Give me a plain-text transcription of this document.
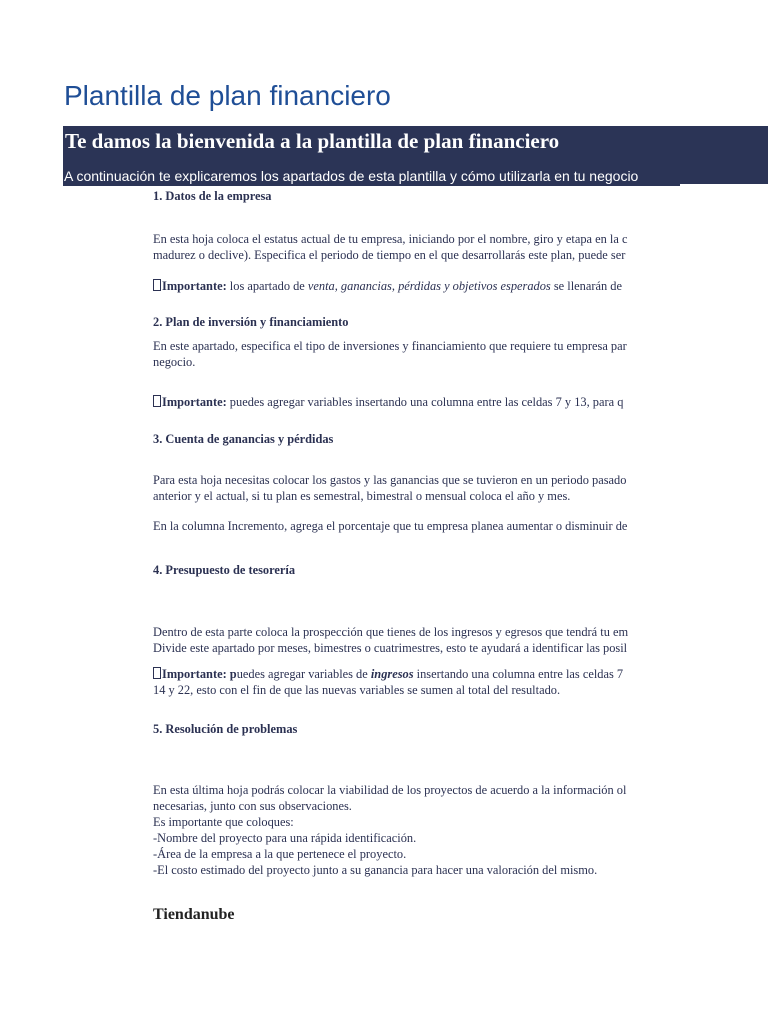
Plantilla de plan financiero
Te damos la bienvenida a la plantilla de plan financiero
A continuación te explicaremos los apartados de esta plantilla y cómo utilizarla en tu negocio

1. Datos de la empresa

En esta hoja coloca el estatus actual de tu empresa, iniciando por el nombre, giro y etapa en la c

madurez o declive). Especifica el periodo de tiempo en el que desarrollarás este plan, puede ser

Importante: los apartado de venta, ganancias, pérdidas y objetivos esperados se llenarán de

2. Plan de inversión y financiamiento

En este apartado, especifica el tipo de inversiones y financiamiento que requiere tu empresa par

negocio.

Importante: puedes agregar variables insertando una columna entre las celdas 7 y 13, para q

3. Cuenta de ganancias y pérdidas

Para esta hoja necesitas colocar los gastos y las ganancias que se tuvieron en un periodo pasado

anterior y el actual, si tu plan es semestral, bimestral o mensual coloca el año y mes.

En la columna Incremento, agrega el porcentaje que tu empresa planea aumentar o disminuir de

4. Presupuesto de tesorería

Dentro de esta parte coloca la prospección que tienes de los ingresos y egresos que tendrá tu em

Divide este apartado por meses, bimestres o cuatrimestres, esto te ayudará a identificar las posil

Importante: puedes agregar variables de ingresos insertando una columna entre las celdas 7

14 y 22, esto con el fin de que las nuevas variables se sumen al total del resultado.

5. Resolución de problemas

En esta última hoja podrás colocar la viabilidad de los proyectos de acuerdo a la información ol

necesarias, junto con sus observaciones.

Es importante que coloques:

-Nombre del proyecto para una rápida identificación.

-Área de la empresa a la que pertenece el proyecto.

-El costo estimado del proyecto junto a su ganancia para hacer una valoración del mismo.

Tiendanube
